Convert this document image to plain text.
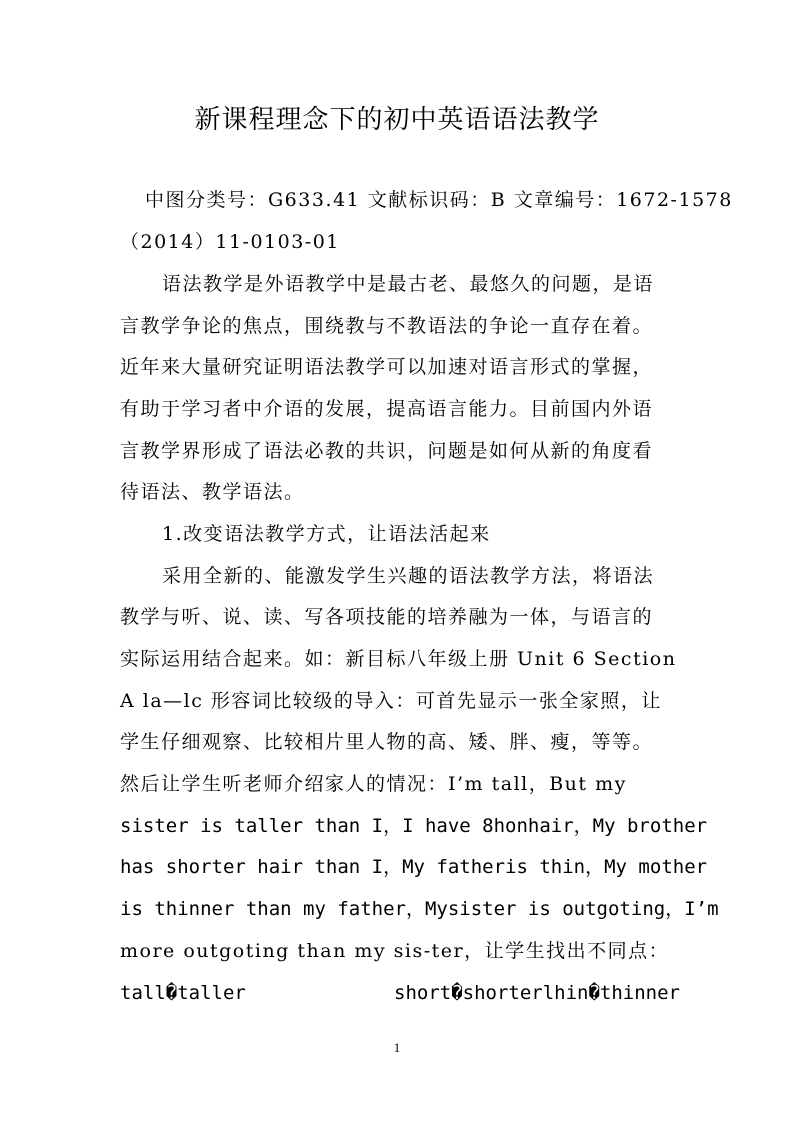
新课程理念下的初中英语语法教学
中图分类号：G633.41 文献标识码：B 文章编号：1672-1578
（2014）11-0103-01
语法教学是外语教学中是最古老、最悠久的问题，是语
言教学争论的焦点，围绕教与不教语法的争论一直存在着。
近年来大量研究证明语法教学可以加速对语言形式的掌握，
有助于学习者中介语的发展，提高语言能力。目前国内外语
言教学界形成了语法必教的共识，问题是如何从新的角度看
待语法、教学语法。
1.改变语法教学方式，让语法活起来
采用全新的、能激发学生兴趣的语法教学方法，将语法
教学与听、说、读、写各项技能的培养融为一体，与语言的
实际运用结合起来。如：新目标八年级上册 Unit 6 Section
A la—lc 形容词比较级的导入：可首先显示一张全家照，让
学生仔细观察、比较相片里人物的高、矮、胖、瘦，等等。
然后让学生听老师介绍家人的情况：I’m tall，But my
sister is taller than I，I have 8honhair，My brother
has shorter hair than I，My fatheris thin，My mother
is thinner than my father，Mysister is outgoting，I’m
more outgoting than my sis-ter，让学生找出不同点：
tall�taller	short�shorterlhin�thinner
1
